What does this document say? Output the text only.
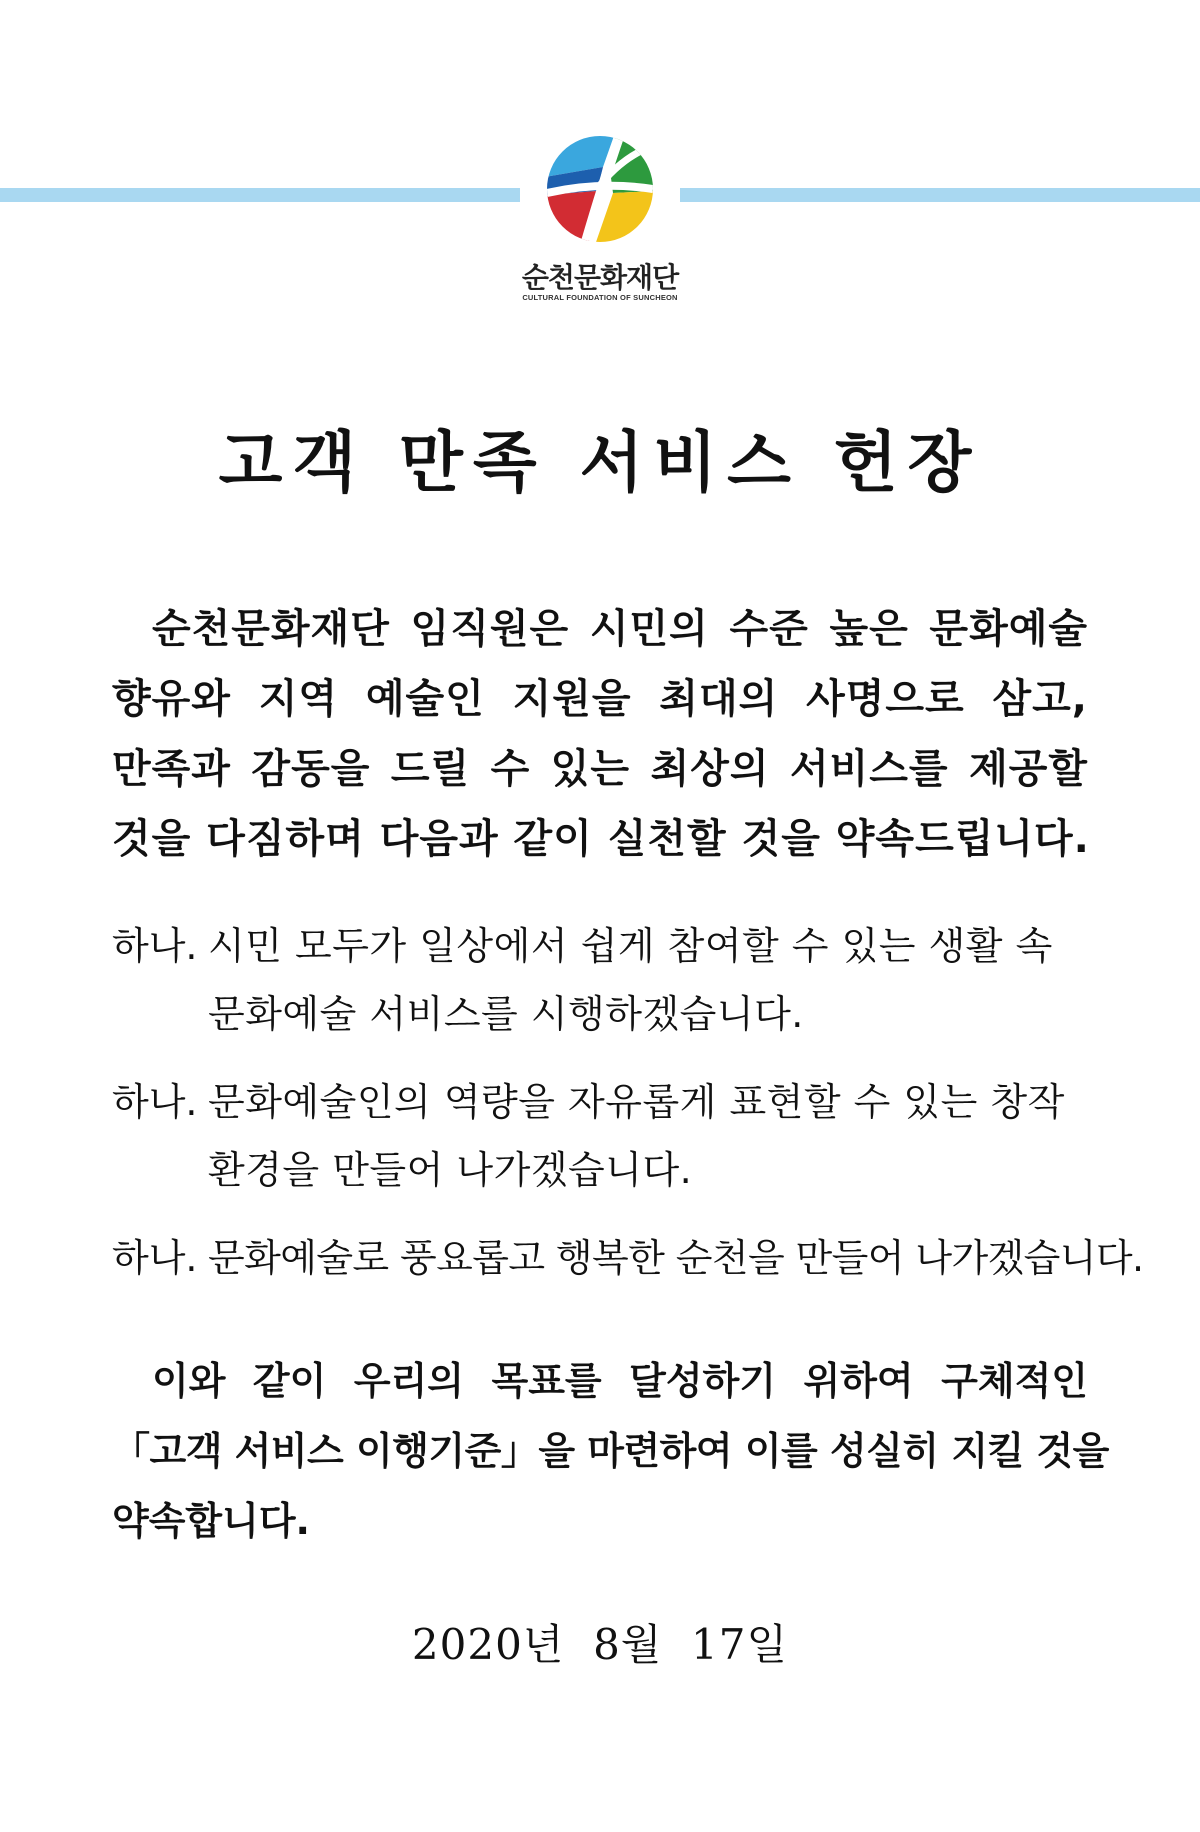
순천문화재단
CULTURAL FOUNDATION OF SUNCHEON
고객 만족 서비스 헌장
순천문화재단 임직원은 시민의 수준 높은 문화예술
향유와 지역 예술인 지원을 최대의 사명으로 삼고,
만족과 감동을 드릴 수 있는 최상의 서비스를 제공할
것을 다짐하며 다음과 같이 실천할 것을 약속드립니다.
하나. 시민 모두가 일상에서 쉽게 참여할 수 있는 생활 속
문화예술 서비스를 시행하겠습니다.
하나. 문화예술인의 역량을 자유롭게 표현할 수 있는 창작
환경을 만들어 나가겠습니다.
하나. 문화예술로 풍요롭고 행복한 순천을 만들어 나가겠습니다.
이와 같이 우리의 목표를 달성하기 위하여 구체적인
「고객 서비스 이행기준」을 마련하여 이를 성실히 지킬 것을
약속합니다.
2020년  8월  17일
